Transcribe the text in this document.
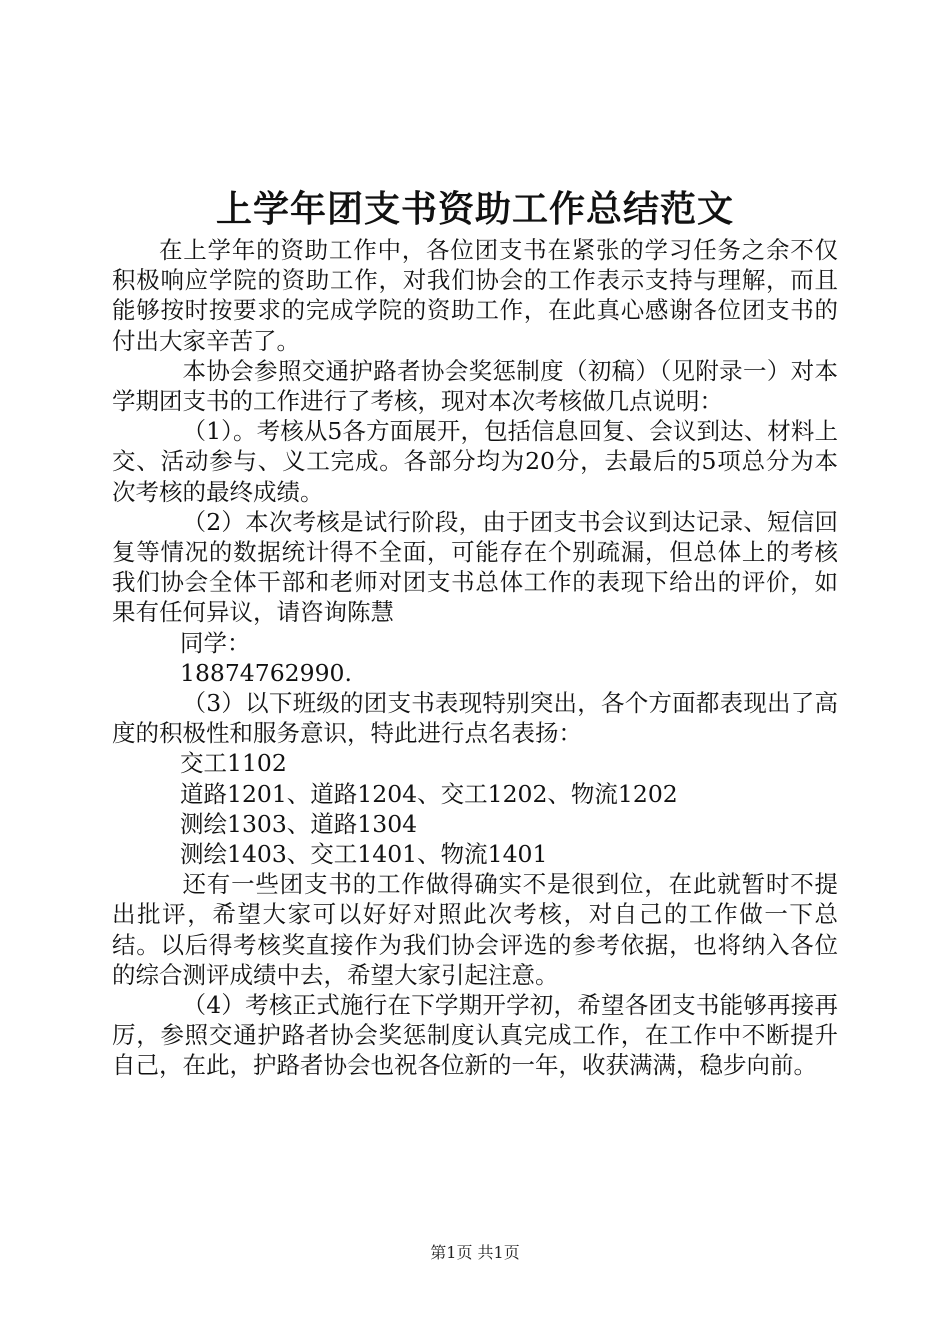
上学年团支书资助工作总结范文

在上学年的资助工作中，各位团支书在紧张的学习任务之余不仅积极响应学院的资助工作，对我们协会的工作表示支持与理解，而且能够按时按要求的完成学院的资助工作，在此真心感谢各位团支书的付出大家辛苦了。

本协会参照交通护路者协会奖惩制度（初稿）（见附录一）对本学期团支书的工作进行了考核，现对本次考核做几点说明：

（1）。考核从5各方面展开，包括信息回复、会议到达、材料上交、活动参与、义工完成。各部分均为20分，去最后的5项总分为本次考核的最终成绩。

（2）本次考核是试行阶段，由于团支书会议到达记录、短信回复等情况的数据统计得不全面，可能存在个别疏漏，但总体上的考核我们协会全体干部和老师对团支书总体工作的表现下给出的评价，如果有任何异议，请咨询陈慧

同学：

18874762990.

（3）以下班级的团支书表现特别突出，各个方面都表现出了高度的积极性和服务意识，特此进行点名表扬：

交工1102

道路1201、道路1204、交工1202、物流1202

测绘1303、道路1304

测绘1403、交工1401、物流1401

还有一些团支书的工作做得确实不是很到位，在此就暂时不提出批评，希望大家可以好好对照此次考核，对自己的工作做一下总结。以后得考核奖直接作为我们协会评选的参考依据，也将纳入各位的综合测评成绩中去，希望大家引起注意。

（4）考核正式施行在下学期开学初，希望各团支书能够再接再厉，参照交通护路者协会奖惩制度认真完成工作，在工作中不断提升自己，在此，护路者协会也祝各位新的一年，收获满满，稳步向前。

第1页 共1页
